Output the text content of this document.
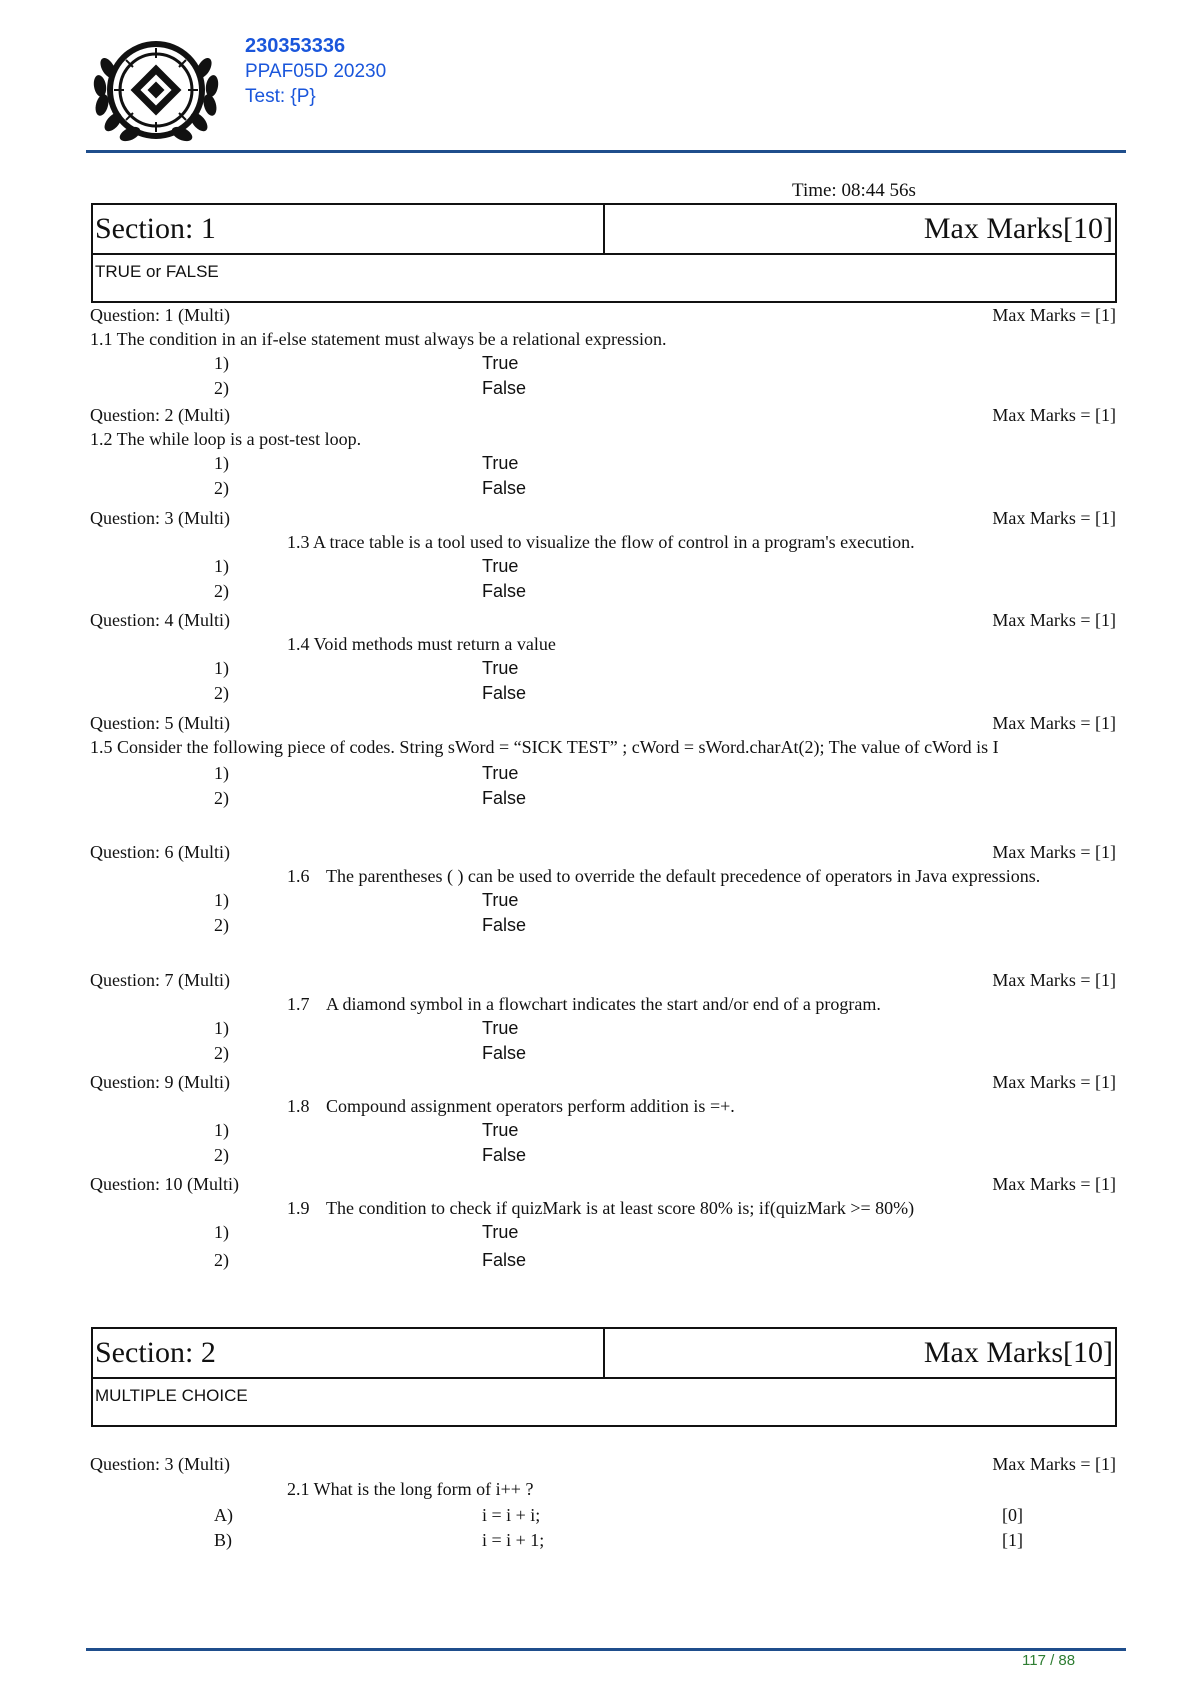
230353336
PPAF05D 20230
Test: {P}
Time: 08:44 56s
Section: 1	Max Marks[10]
TRUE or FALSE
Question: 1 (Multi)	Max Marks = [1]
1.1 The condition in an if-else statement must always be a relational expression.
1)	True
2)	False
Question: 2 (Multi)	Max Marks = [1]
1.2 The while loop is a post-test loop.
1)	True
2)	False
Question: 3 (Multi)	Max Marks = [1]
1.3 A trace table is a tool used to visualize the flow of control in a program's execution.
1)	True
2)	False
Question: 4 (Multi)	Max Marks = [1]
1.4 Void methods must return a value
1)	True
2)	False
Question: 5 (Multi)	Max Marks = [1]
1.5 Consider the following piece of codes. String sWord = “SICK TEST” ; cWord = sWord.charAt(2); The value of cWord is I
1)	True
2)	False
Question: 6 (Multi)	Max Marks = [1]
1.6 The parentheses ( ) can be used to override the default precedence of operators in Java expressions.
1)	True
2)	False
Question: 7 (Multi)	Max Marks = [1]
1.7 A diamond symbol in a flowchart indicates the start and/or end of a program.
1)	True
2)	False
Question: 9 (Multi)	Max Marks = [1]
1.8 Compound assignment operators perform addition is =+.
1)	True
2)	False
Question: 10 (Multi)	Max Marks = [1]
1.9 The condition to check if quizMark is at least score 80% is; if(quizMark >= 80%)
1)	True
2)	False
Section: 2	Max Marks[10]
MULTIPLE CHOICE
Question: 3 (Multi)	Max Marks = [1]
2.1 What is the long form of i++ ?
A)	i = i + i;	[0]
B)	i = i + 1;	[1]
117 / 88
